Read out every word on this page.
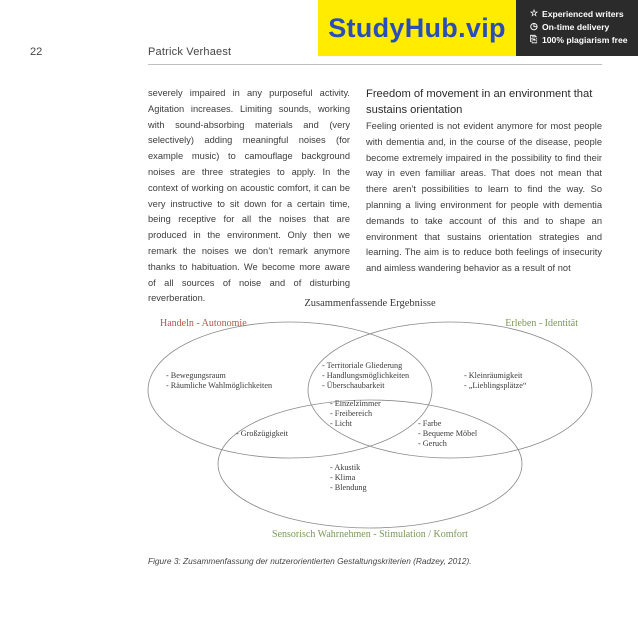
22	Patrick Verhaest
StudyHub.vip	☆ Experienced writers
◷ On-time delivery
⎘ 100% plagiarism free
severely impaired in any purposeful activity. Agitation increases. Limiting sounds, working with sound-absorbing materials and (very selectively) adding meaningful noises (for example music) to camouflage background noises are three strategies to apply. In the context of working on acoustic comfort, it can be very instructive to sit down for a certain time, being receptive for all the noises that are produced in the environment. Only then we remark the noises we don’t remark anymore thanks to habituation. We become more aware of all sources of noise and of disturbing reverberation.
Freedom of movement in an environment that sustains orientation
Feeling oriented is not evident anymore for most people with dementia and, in the course of the disease, people become extremely impaired in the possibility to find their way in even familiar areas. That does not mean that there aren’t possibilities to learn to find the way. So planning a living environment for people with dementia demands to take account of this and to shape an environment that sustains orientation strategies and learning. The aim is to reduce both feelings of insecurity and aimless wandering behavior as a result of not
Zusammenfassende Ergebnisse
Handeln - Autonomie	Erleben - Identität
- Bewegungsraum
- Räumliche Wahlmöglichkeiten
- Territoriale Gliederung
- Handlungsmöglichkeiten
- Überschaubarkeit
- Kleinräumigkeit
- „Lieblingsplätze“
- Einzelzimmer
- Freibereich
- Licht
- Großzügigkeit
- Farbe
- Bequeme Möbel
- Geruch
- Akustik
- Klima
- Blendung
Sensorisch Wahrnehmen - Stimulation / Komfort
Figure 3: Zusammenfassung der nutzerorientierten Gestaltungskriterien (Radzey, 2012).
